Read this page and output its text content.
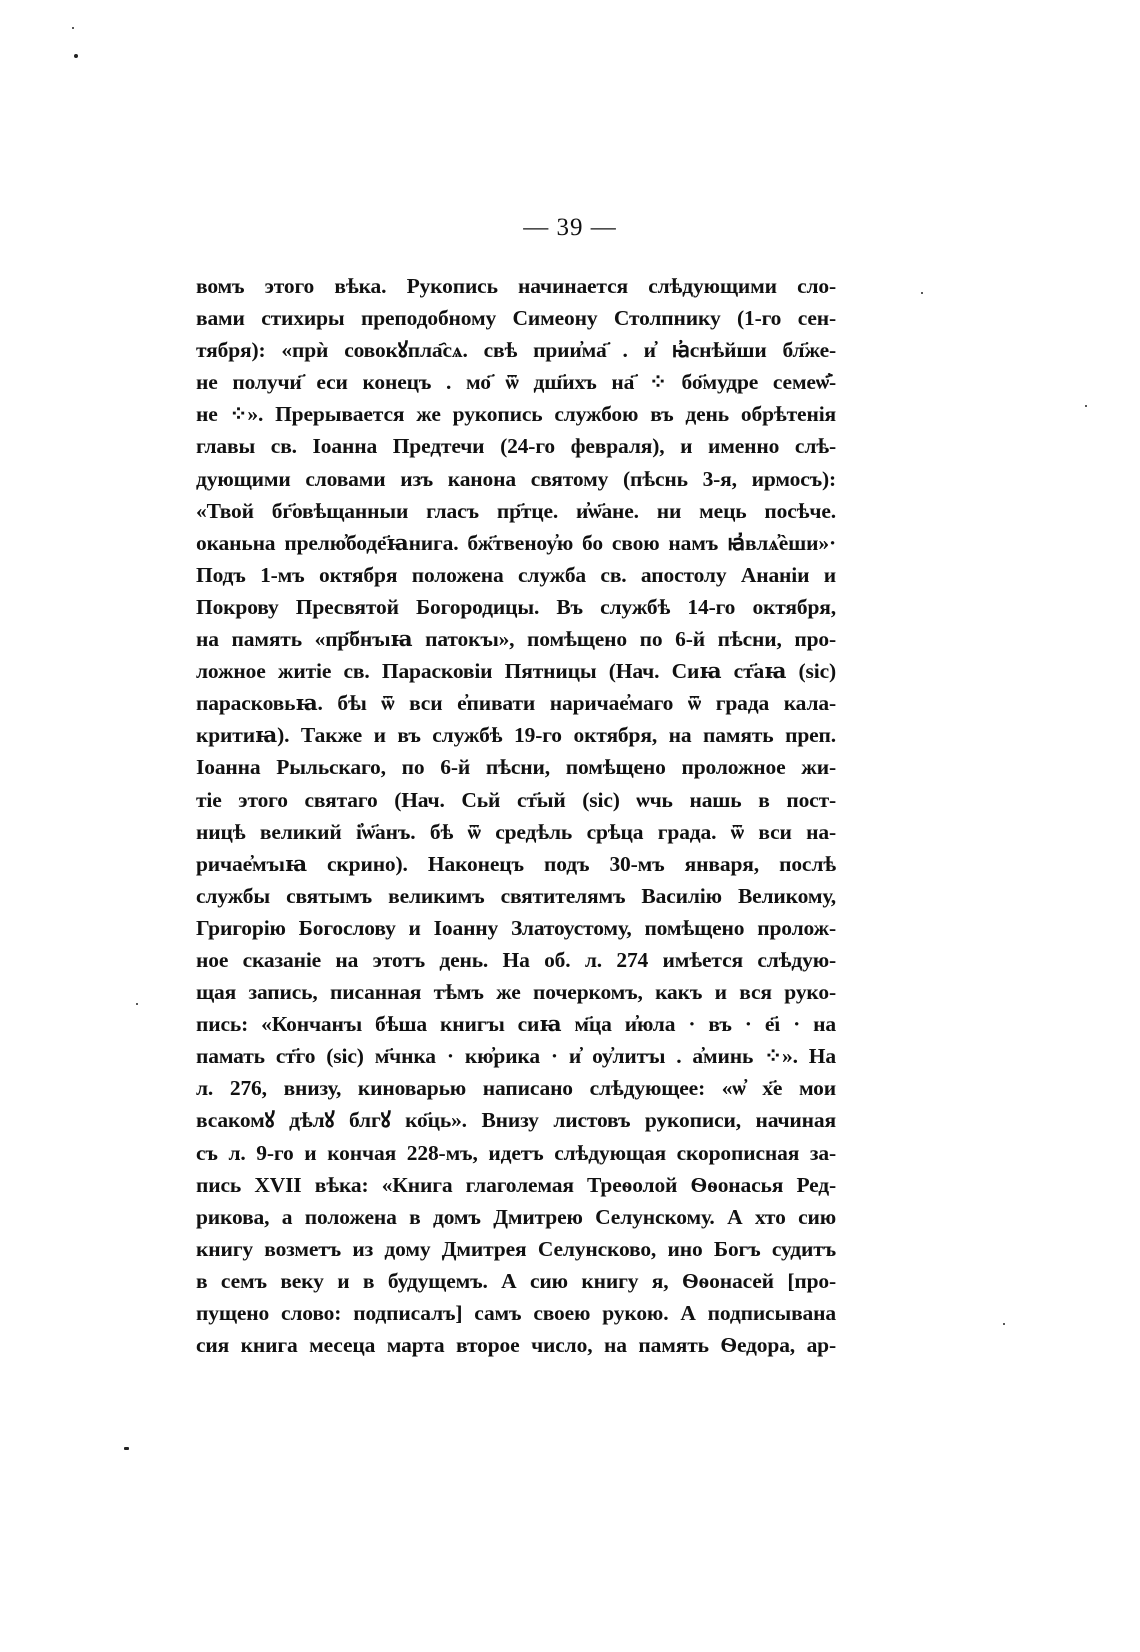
— 39 —
вомъ этого вѣка. Рукопись начинается слѣдующими сло-
вами стихиры преподобному Симеону Столпнику (1-го сен-
тября): «прѝ совокꙋпла҄сѧ. свѣ прии҆ма҃ . и҆ ꙗ҆снѣйши бл҃же-
не получи҃ еси конецъ . мо҃ ѿ дш҃ихъ на҃ ⁘ бо҃мудре семеѡ҆҃-
не ⁘». Прерывается же рукопись службою въ день обрѣтенія
главы св. Іоанна Предтечи (24-го февраля), и именно слѣ-
дующими словами изъ канона святому (пѣснь 3-я, ирмосъ):
«Твой бг҃овѣщанныи гласъ пр҃тце. и҆ѡ҃ане. ни мець посѣче.
оканьна прелю҆боде҃ꙗнига. бж҃твеноу҆ю бо свою намъ ꙗ҆влѧ҆ѐши»·
Подъ 1-мъ октября положена служба св. апостолу Ананіи и
Покрову Пресвятой Богородицы. Въ службѣ 14-го октября,
на память «пр҃бнъıꙗ патокъı», помѣщено по 6-й пѣсни, про-
ложное житіе св. Парасковіи Пятницы (Нач. Сиꙗ ст҃аꙗ (sic)
парасковьꙗ. бѣı ѿ вси е҆пивати наричае҆маго ѿ града кала-
критиꙗ). Также и въ службѣ 19-го октября, на память преп.
Іоанна Рыльскаго, по 6-й пѣсни, помѣщено проложное жи-
тіе этого святаго (Нач. Сьй ст҃ый (sic) ѡчь нашь в пост-
ницѣ великий і҆ѡ҃анъ. бѣ ѿ средѣль срѣца града. ѿ вси на-
ричае҆мъıꙗ скрино). Наконецъ подъ 30-мъ января, послѣ
службы святымъ великимъ святителямъ Василію Великому,
Григорію Богослову и Іоанну Златоустому, помѣщено пролож-
ное сказаніе на этотъ день. На об. л. 274 имѣется слѣдую-
щая запись, писанная тѣмъ же почеркомъ, какъ и вся руко-
пись: «Кончанъı бѣша книгъı сиꙗ м҃ца и҆юла · въ · е҃ı · на
памать ст҃го (sic) м҃чнка · кю҆рика · и҆ оу҆литъı . а҆минь ⁘». На
л. 276, внизу, киноварью написано слѣдующее: «ѡ҆ х҃е мои
всакомꙋ дѣлꙋ блгꙋ ко҃ць». Внизу листовъ рукописи, начиная
съ л. 9-го и кончая 228-мъ, идетъ слѣдующая скорописная за-
пись XVII вѣка: «Книга глаголемая Треѳолой Ѳѳонасья Ред-
рикова, а положена в домъ Дмитрею Селунскому. А хто сию
книгу возметъ из дому Дмитрея Селунсково, ино Богъ судитъ
в семъ веку и в будущемъ. А сию книгу я, Ѳѳонасей [про-
пущено слово: подписалъ] самъ своею рукою. А подписывана
сия книга месеца марта второе число, на память Ѳедора, ар-
